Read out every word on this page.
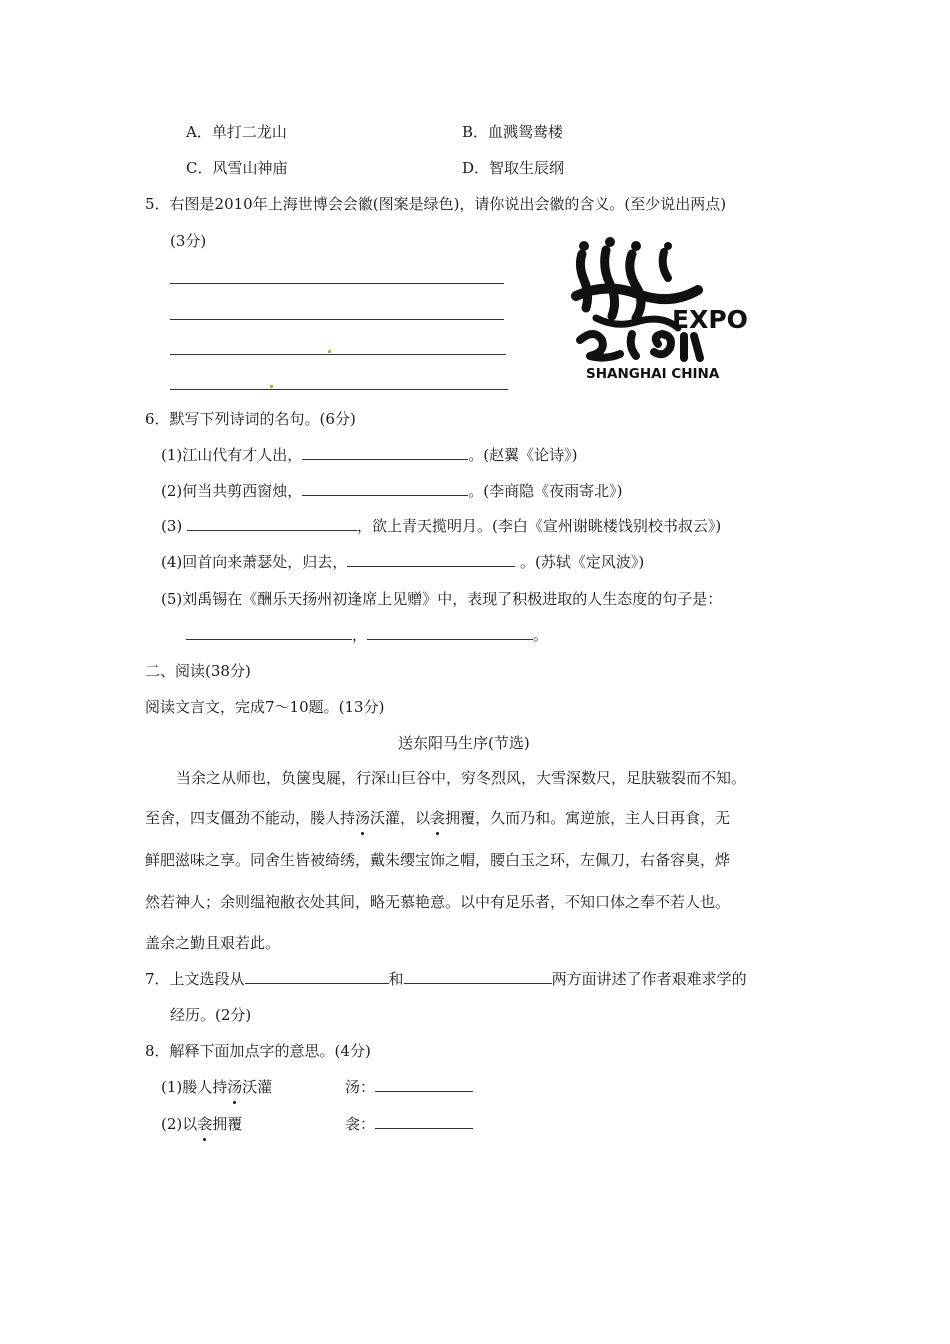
A．单打二龙山	B．血溅鸳鸯楼
C．风雪山神庙	D．智取生辰纲
5．右图是2010年上海世博会会徽(图案是绿色)，请你说出会徽的含义。(至少说出两点)
(3分)
EXPO
SHANGHAI CHINA
6．默写下列诗词的名句。(6分)
(1)江山代有才人出，	。(赵翼《论诗》)
(2)何当共剪西窗烛，	。(李商隐《夜雨寄北》)
(3)	，欲上青天揽明月。(李白《宣州谢眺楼饯别校书叔云》)
(4)回首向来萧瑟处，归去，	。(苏轼《定风波》)
(5)刘禹锡在《酬乐天扬州初逢席上见赠》中，表现了积极进取的人生态度的句子是：
，	。
二、阅读(38分)
阅读文言文，完成7～10题。(13分)
送东阳马生序(节选)
当余之从师也，负箧曳屣，行深山巨谷中，穷冬烈风，大雪深数尺，足肤皲裂而不知。
至舍，四支僵劲不能动，媵人持汤沃灌，以衾拥覆，久而乃和。寓逆旅，主人日再食，无
鲜肥滋味之享。同舍生皆被绮绣，戴朱缨宝饰之帽，腰白玉之环，左佩刀，右备容臭，烨
然若神人；余则缊袍敝衣处其间，略无慕艳意。以中有足乐者，不知口体之奉不若人也。
盖余之勤且艰若此。
7．上文选段从	和	两方面讲述了作者艰难求学的
经历。(2分)
8．解释下面加点字的意思。(4分)
(1)媵人持汤沃灌	汤：
(2)以衾拥覆	衾：
